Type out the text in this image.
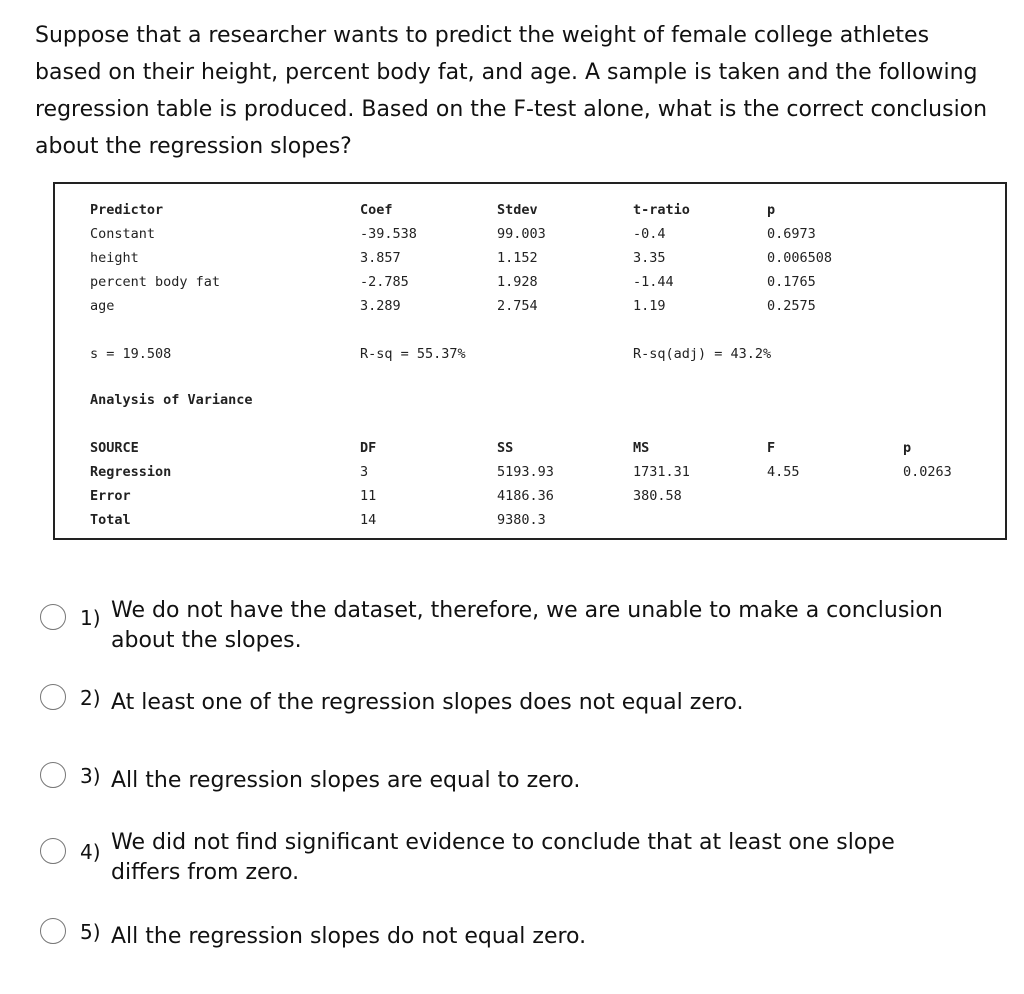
Suppose that a researcher wants to predict the weight of female college athletes based on their height, percent body fat, and age. A sample is taken and the following regression table is produced. Based on the F-test alone, what is the correct conclusion about the regression slopes?

Predictor	Coef	Stdev	t-ratio	p
Constant	-39.538	99.003	-0.4	0.6973
height	3.857	1.152	3.35	0.006508
percent body fat	-2.785	1.928	-1.44	0.1765
age	3.289	2.754	1.19	0.2575
s = 19.508	R-sq = 55.37%	R-sq(adj) = 43.2%
Analysis of Variance
SOURCE	DF	SS	MS	F	p
Regression	3	5193.93	1731.31	4.55	0.0263
Error	11	4186.36	380.58
Total	14	9380.3
1) We do not have the dataset, therefore, we are unable to make a conclusion about the slopes.
2) At least one of the regression slopes does not equal zero.
3) All the regression slopes are equal to zero.
4) We did not find significant evidence to conclude that at least one slope differs from zero.
5) All the regression slopes do not equal zero.
